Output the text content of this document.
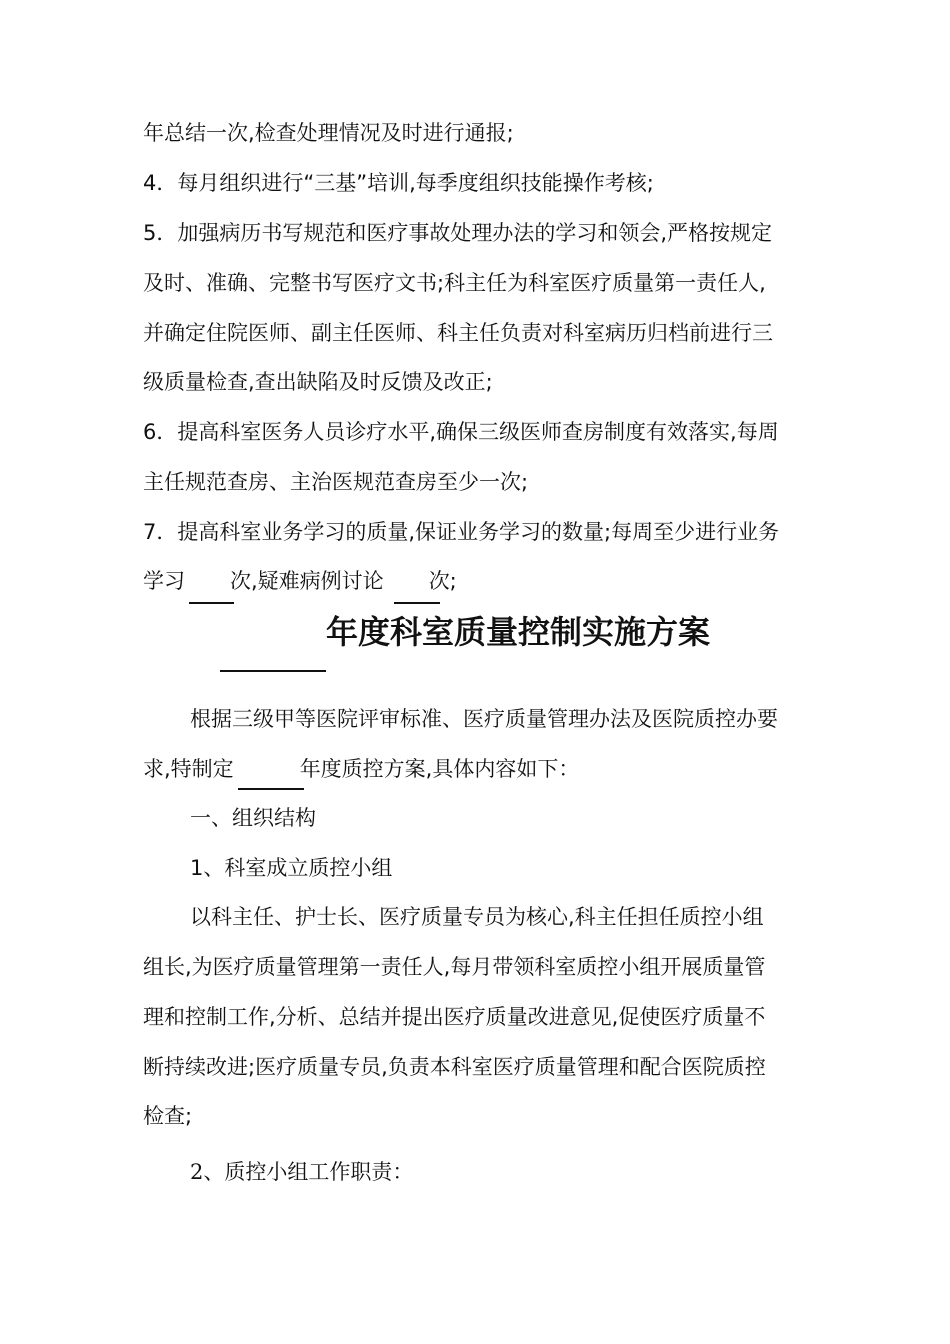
年总结一次,检查处理情况及时进行通报;
4．每月组织进行“三基”培训,每季度组织技能操作考核;
5．加强病历书写规范和医疗事故处理办法的学习和领会,严格按规定
及时、准确、完整书写医疗文书;科主任为科室医疗质量第一责任人,
并确定住院医师、副主任医师、科主任负责对科室病历归档前进行三
级质量检查,查出缺陷及时反馈及改正;
6．提高科室医务人员诊疗水平,确保三级医师查房制度有效落实,每周
主任规范查房、主治医规范查房至少一次;
7．提高科室业务学习的质量,保证业务学习的数量;每周至少进行业务
学习 次,疑难病例讨论 次;
年度科室质量控制实施方案
根据三级甲等医院评审标准、医疗质量管理办法及医院质控办要
求,特制定	年度质控方案,具体内容如下：
一、组织结构
1、科室成立质控小组
以科主任、护士长、医疗质量专员为核心,科主任担任质控小组
组长,为医疗质量管理第一责任人,每月带领科室质控小组开展质量管
理和控制工作,分析、总结并提出医疗质量改进意见,促使医疗质量不
断持续改进;医疗质量专员,负责本科室医疗质量管理和配合医院质控
检查;
2、质控小组工作职责：
